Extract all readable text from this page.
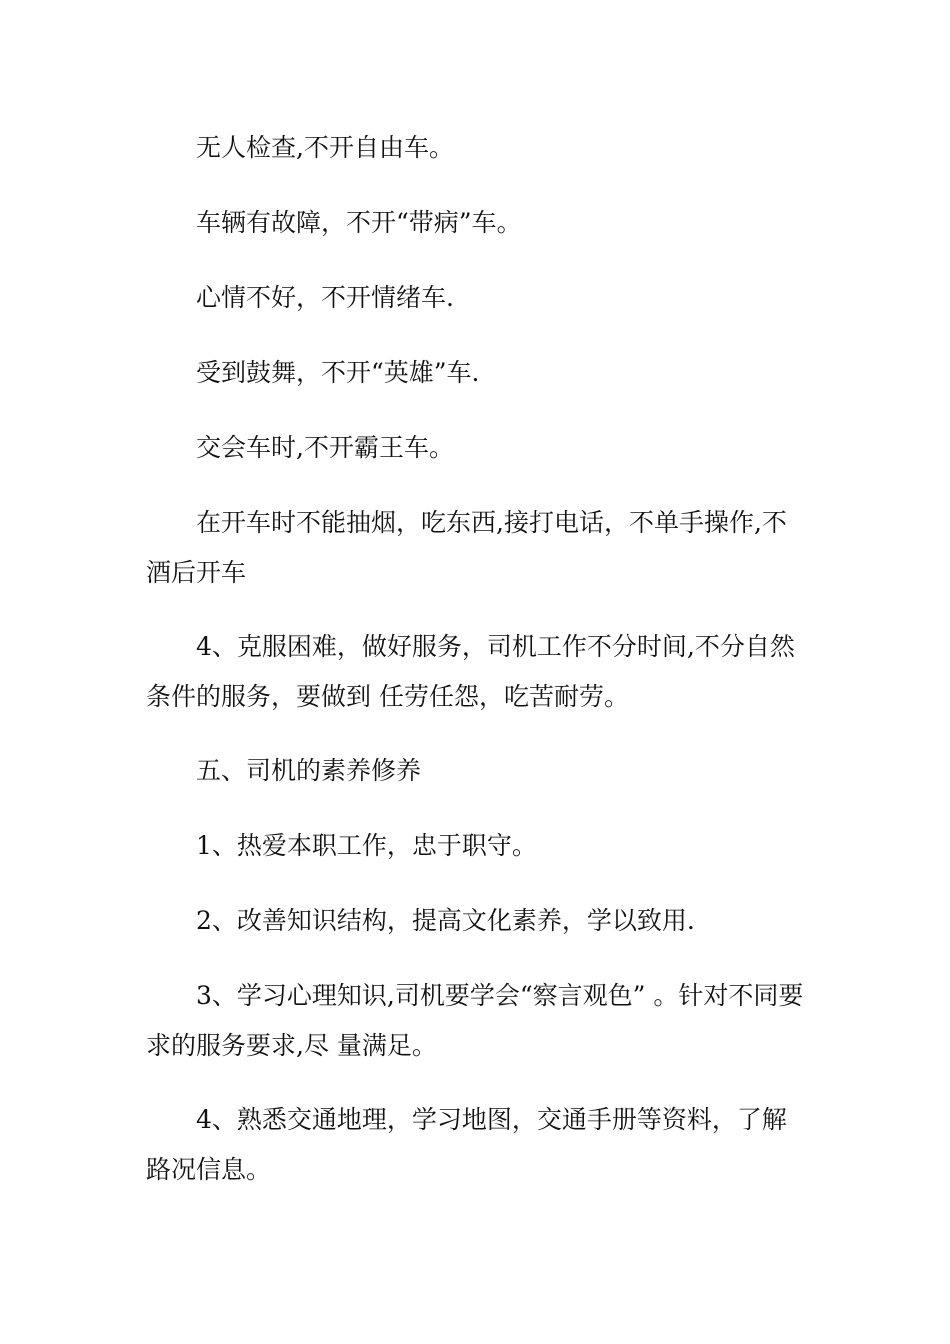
无人检查,不开自由车。

车辆有故障，不开“带病”车。

心情不好，不开情绪车.

受到鼓舞，不开“英雄”车.

交会车时,不开霸王车。

在开车时不能抽烟，吃东西,接打电话，不单手操作,不酒后开车

4、克服困难，做好服务，司机工作不分时间,不分自然条件的服务，要做到 任劳任怨，吃苦耐劳。

五、司机的素养修养

1、热爱本职工作，忠于职守。

2、改善知识结构，提高文化素养，学以致用.

3、学习心理知识,司机要学会“察言观色” 。针对不同要求的服务要求,尽 量满足。

4、熟悉交通地理，学习地图，交通手册等资料，了解路况信息。
